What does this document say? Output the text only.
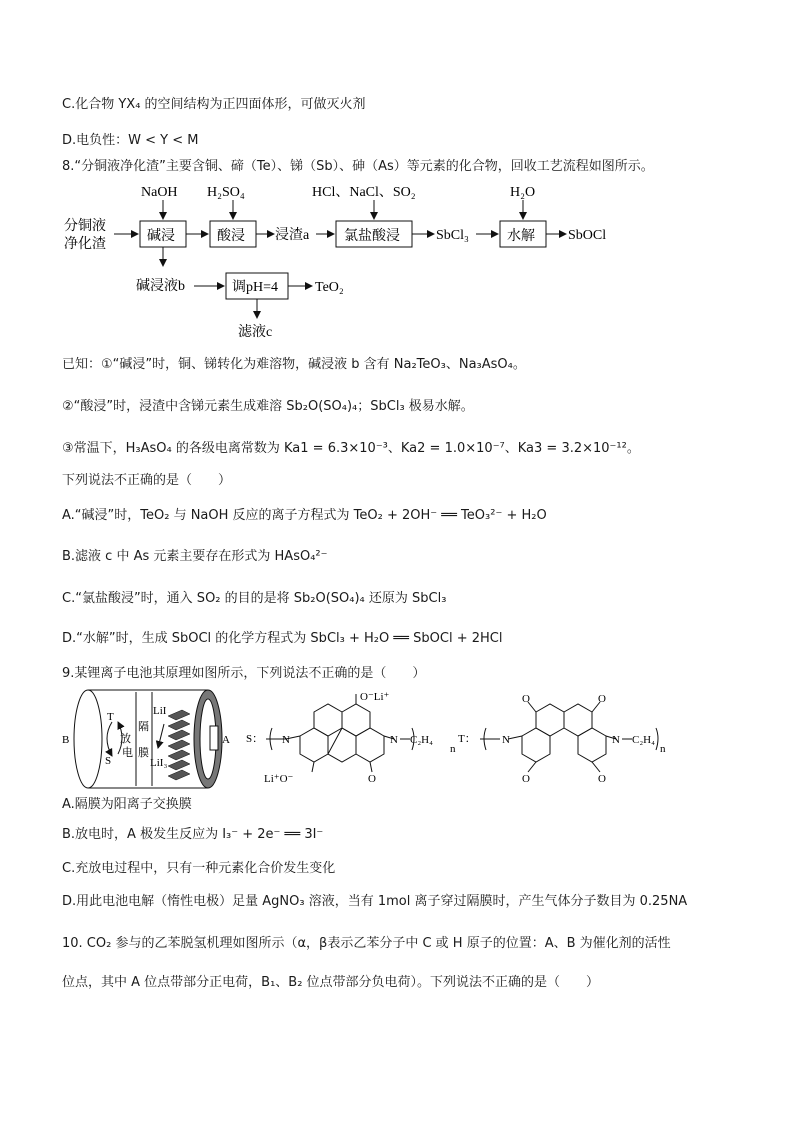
C.化合物 YX₄ 的空间结构为正四面体形，可做灭火剂
D.电负性：W < Y < M
8.“分铜液净化渣”主要含铜、碲（Te）、锑（Sb）、砷（As）等元素的化合物，回收工艺流程如图所示。
分铜液
净化渣
碱浸
NaOH
酸浸
H₂SO₄
浸渣a 氯盐酸浸
HCl、NaCl、SO₂
SbCl₃	水解
H₂O
SbOCl
碱浸液b	调pH=4	TeO₂
滤液c
已知：①“碱浸”时，铜、锑转化为难溶物，碱浸液 b 含有 Na₂TeO₃、Na₃AsO₄。
②“酸浸”时，浸渣中含锑元素生成难溶 Sb₂O(SO₄)₄；SbCl₃ 极易水解。
③常温下，H₃AsO₄ 的各级电离常数为 Ka1 = 6.3×10⁻³、Ka2 = 1.0×10⁻⁷、Ka3 = 3.2×10⁻¹²。
下列说法不正确的是（　　）
A.“碱浸”时，TeO₂ 与 NaOH 反应的离子方程式为 TeO₂ + 2OH⁻ ══ TeO₃²⁻ + H₂O
B.滤液 c 中 As 元素主要存在形式为 HAsO₄²⁻
C.“氯盐酸浸”时，通入 SO₂ 的目的是将 Sb₂O(SO₄)₄ 还原为 SbCl₃
D.“水解”时，生成 SbOCl 的化学方程式为 SbCl₃ + H₂O ══ SbOCl + 2HCl
9.某锂离子电池其原理如图所示，下列说法不正确的是（　　）
B	A
T
S
放
电
隔
膜
LiI
LiI₃
S： N	N
O⁻Li⁺
O
Li⁺O⁻
C₂H₄
n
T： N	N
O	O
O	O
C₂H₄
n
A.隔膜为阳离子交换膜
B.放电时，A 极发生反应为 I₃⁻ + 2e⁻ ══ 3I⁻
C.充放电过程中，只有一种元素化合价发生变化
D.用此电池电解（惰性电极）足量 AgNO₃ 溶液，当有 1mol 离子穿过隔膜时，产生气体分子数目为 0.25NA
10. CO₂ 参与的乙苯脱氢机理如图所示（α，β表示乙苯分子中 C 或 H 原子的位置：A、B 为催化剂的活性
位点，其中 A 位点带部分正电荷，B₁、B₂ 位点带部分负电荷）。下列说法不正确的是（　　）
